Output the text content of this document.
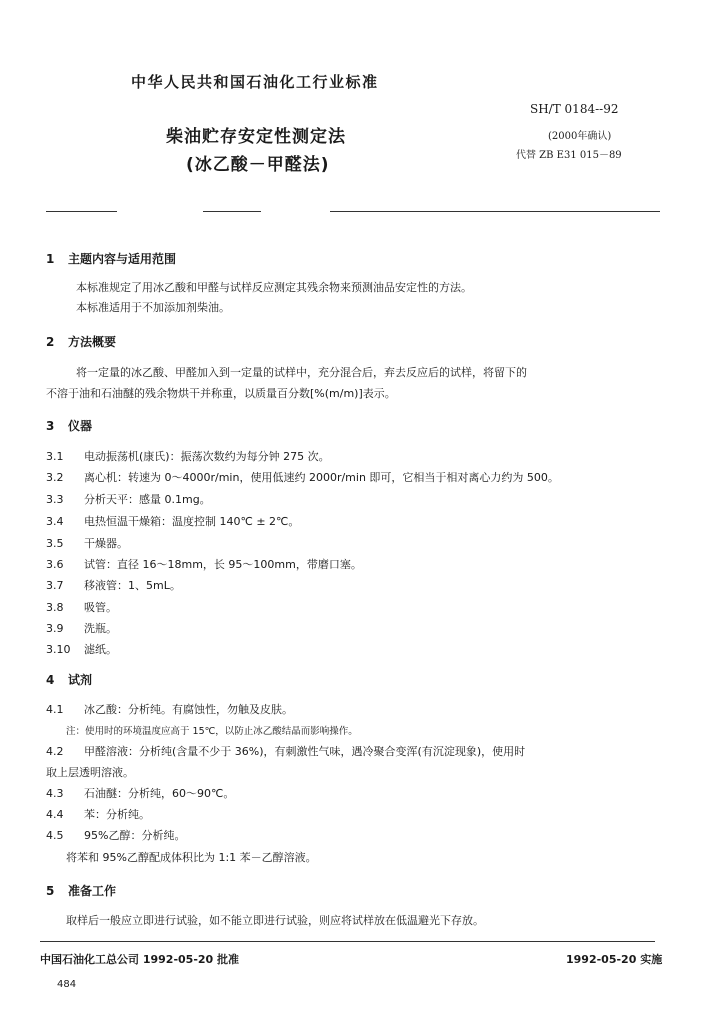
中华人民共和国石油化工行业标准
SH/T 0184--92
(2000年确认)
代替 ZB E31 015－89
柴油贮存安定性测定法
(冰乙酸－甲醛法)
1 主题内容与适用范围
本标准规定了用冰乙酸和甲醛与试样反应测定其残余物来预测油品安定性的方法。
本标准适用于不加添加剂柴油。
2 方法概要
将一定量的冰乙酸、甲醛加入到一定量的试样中，充分混合后，弃去反应后的试样，将留下的
不溶于油和石油醚的残余物烘干并称重，以质量百分数[%(m/m)]表示。
3 仪器
3.1 电动振荡机(康氏)：振荡次数约为每分钟 275 次。
3.2 离心机：转速为 0～4000r/min，使用低速约 2000r/min 即可，它相当于相对离心力约为 500。
3.3 分析天平：感量 0.1mg。
3.4 电热恒温干燥箱：温度控制 140℃ ± 2℃。
3.5 干燥器。
3.6 试管：直径 16～18mm，长 95～100mm，带磨口塞。
3.7 移液管：1、5mL。
3.8 吸管。
3.9 洗瓶。
3.10 滤纸。
4 试剂
4.1 冰乙酸：分析纯。有腐蚀性，勿触及皮肤。
注：使用时的环境温度应高于 15℃，以防止冰乙酸结晶而影响操作。
4.2 甲醛溶液：分析纯(含量不少于 36%)，有刺激性气味，遇冷聚合变浑(有沉淀现象)，使用时
取上层透明溶液。
4.3 石油醚：分析纯，60～90℃。
4.4 苯：分析纯。
4.5 95%乙醇：分析纯。
将苯和 95%乙醇配成体积比为 1:1 苯－乙醇溶液。
5 准备工作
取样后一般应立即进行试验，如不能立即进行试验，则应将试样放在低温避光下存放。
中国石油化工总公司 1992-05-20 批准	1992-05-20 实施
484
